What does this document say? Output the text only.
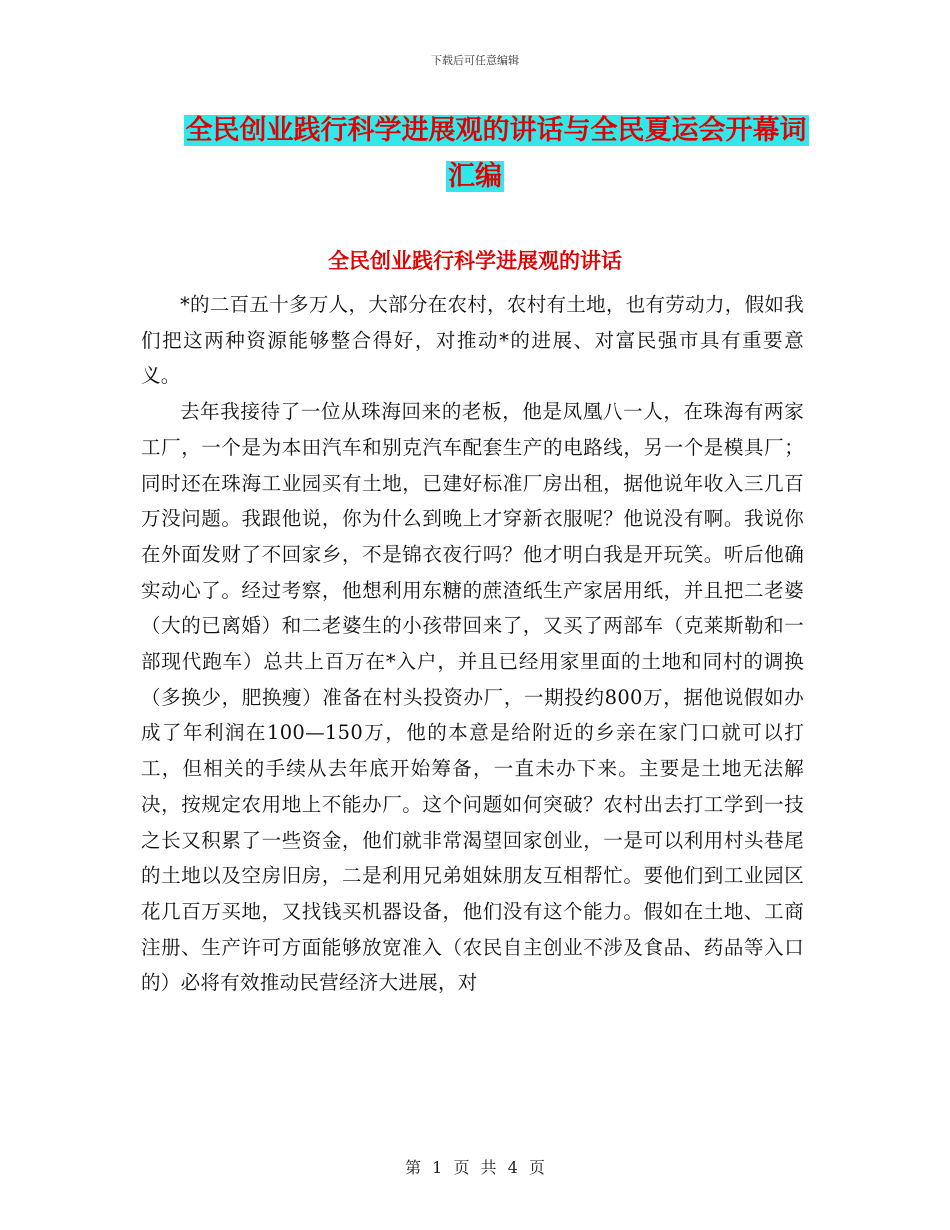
下载后可任意编辑
全民创业践行科学进展观的讲话与全民夏运会开幕词
汇编
全民创业践行科学进展观的讲话

*的二百五十多万人，大部分在农村，农村有土地，也有劳动力，假如我们把这两种资源能够整合得好，对推动*的进展、对富民强市具有重要意义。

去年我接待了一位从珠海回来的老板，他是凤凰八一人，在珠海有两家工厂，一个是为本田汽车和别克汽车配套生产的电路线，另一个是模具厂；同时还在珠海工业园买有土地，已建好标准厂房出租，据他说年收入三几百万没问题。我跟他说，你为什么到晚上才穿新衣服呢？他说没有啊。我说你在外面发财了不回家乡，不是锦衣夜行吗？他才明白我是开玩笑。听后他确实动心了。经过考察，他想利用东糖的蔗渣纸生产家居用纸，并且把二老婆（大的已离婚）和二老婆生的小孩带回来了，又买了两部车（克莱斯勒和一部现代跑车）总共上百万在*入户，并且已经用家里面的土地和同村的调换（多换少，肥换瘦）准备在村头投资办厂，一期投约800万，据他说假如办成了年利润在100—150万，他的本意是给附近的乡亲在家门口就可以打工，但相关的手续从去年底开始筹备，一直未办下来。主要是土地无法解决，按规定农用地上不能办厂。这个问题如何突破？农村出去打工学到一技之长又积累了一些资金，他们就非常渴望回家创业，一是可以利用村头巷尾的土地以及空房旧房，二是利用兄弟姐妹朋友互相帮忙。要他们到工业园区花几百万买地，又找钱买机器设备，他们没有这个能力。假如在土地、工商注册、生产许可方面能够放宽准入（农民自主创业不涉及食品、药品等入口的）必将有效推动民营经济大进展，对

第 1 页 共 4 页
